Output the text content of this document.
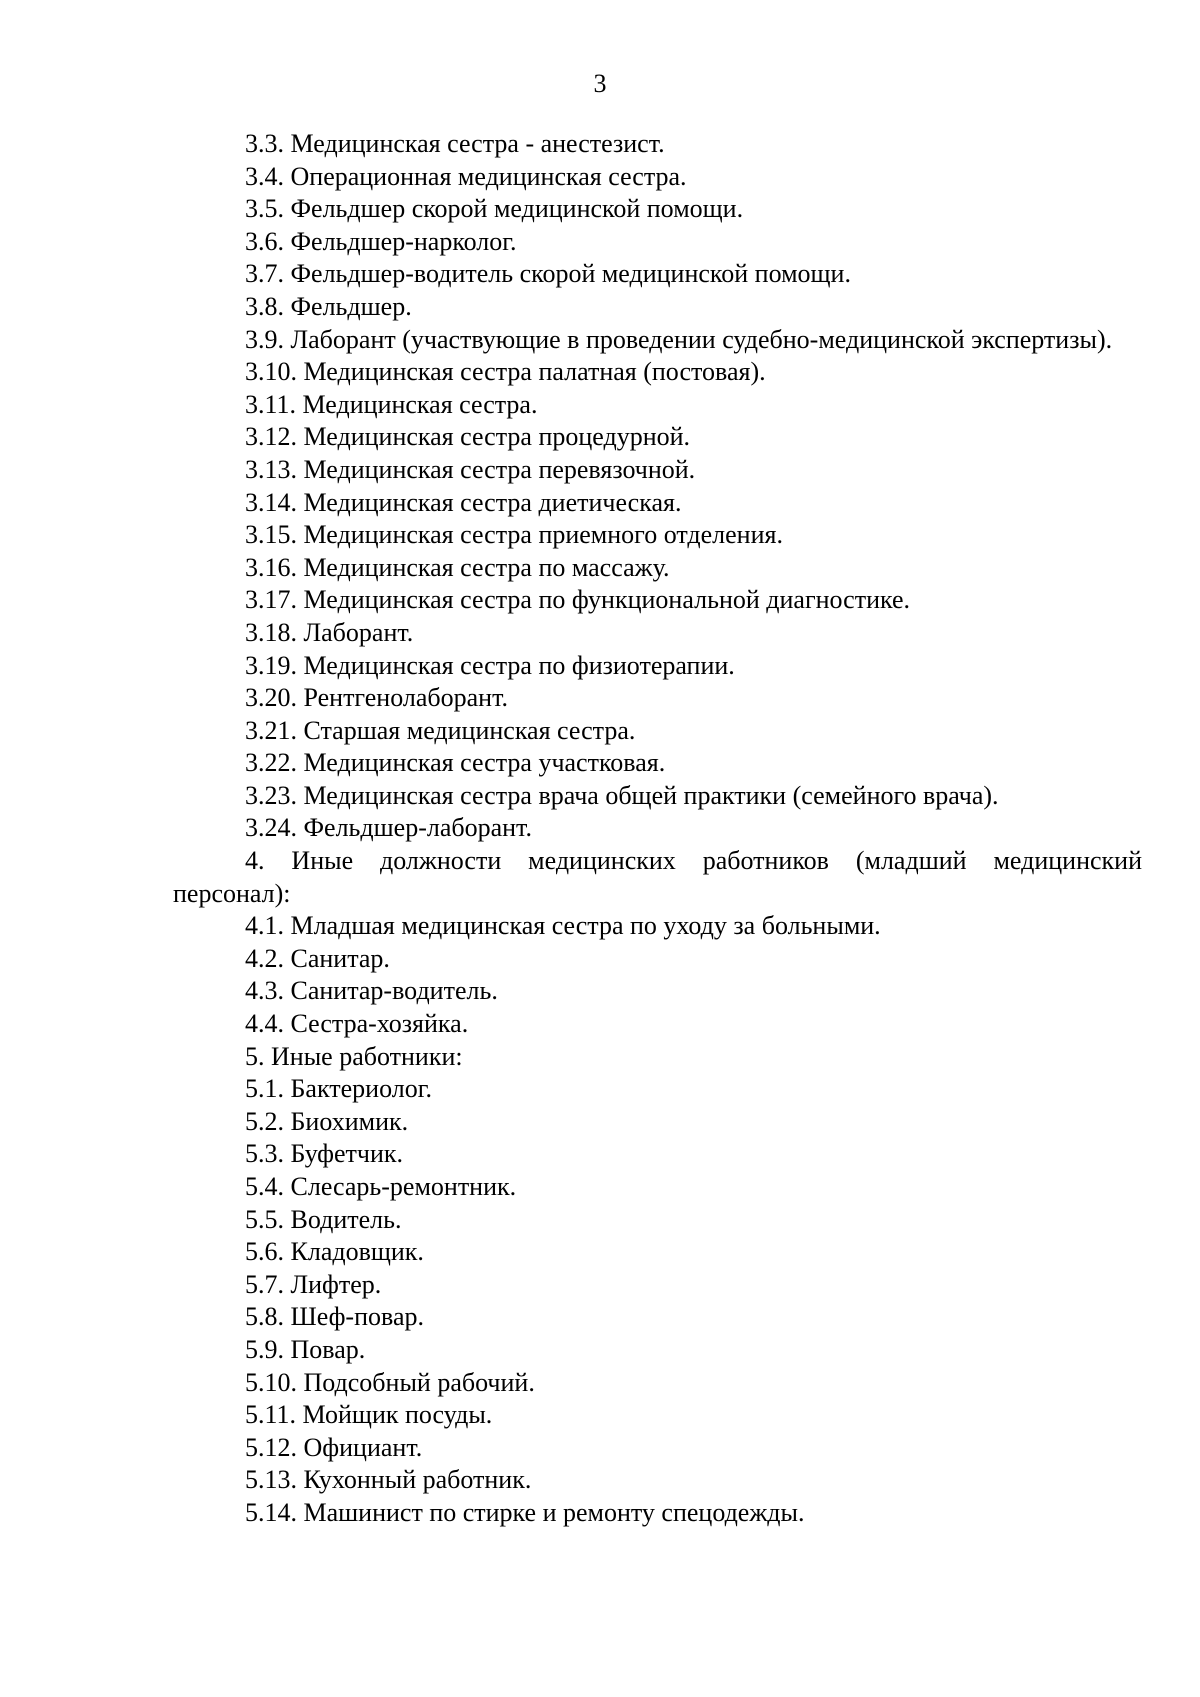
3
3.3. Медицинская сестра - анестезист.
3.4. Операционная медицинская сестра.
3.5. Фельдшер скорой медицинской помощи.
3.6. Фельдшер-нарколог.
3.7. Фельдшер-водитель скорой медицинской помощи.
3.8. Фельдшер.
3.9. Лаборант (участвующие в проведении судебно-медицинской экспертизы).
3.10. Медицинская сестра палатная (постовая).
3.11. Медицинская сестра.
3.12. Медицинская сестра процедурной.
3.13. Медицинская сестра перевязочной.
3.14. Медицинская сестра диетическая.
3.15. Медицинская сестра приемного отделения.
3.16. Медицинская сестра по массажу.
3.17. Медицинская сестра по функциональной диагностике.
3.18. Лаборант.
3.19. Медицинская сестра по физиотерапии.
3.20. Рентгенолаборант.
3.21. Старшая медицинская сестра.
3.22. Медицинская сестра участковая.
3.23. Медицинская сестра врача общей практики (семейного врача).
3.24. Фельдшер-лаборант.
4. Иные должности медицинских работников (младший медицинский персонал):
4.1. Младшая медицинская сестра по уходу за больными.
4.2. Санитар.
4.3. Санитар-водитель.
4.4. Сестра-хозяйка.
5. Иные работники:
5.1. Бактериолог.
5.2. Биохимик.
5.3. Буфетчик.
5.4. Слесарь-ремонтник.
5.5. Водитель.
5.6. Кладовщик.
5.7. Лифтер.
5.8. Шеф-повар.
5.9. Повар.
5.10. Подсобный рабочий.
5.11. Мойщик посуды.
5.12. Официант.
5.13. Кухонный работник.
5.14. Машинист по стирке и ремонту спецодежды.
